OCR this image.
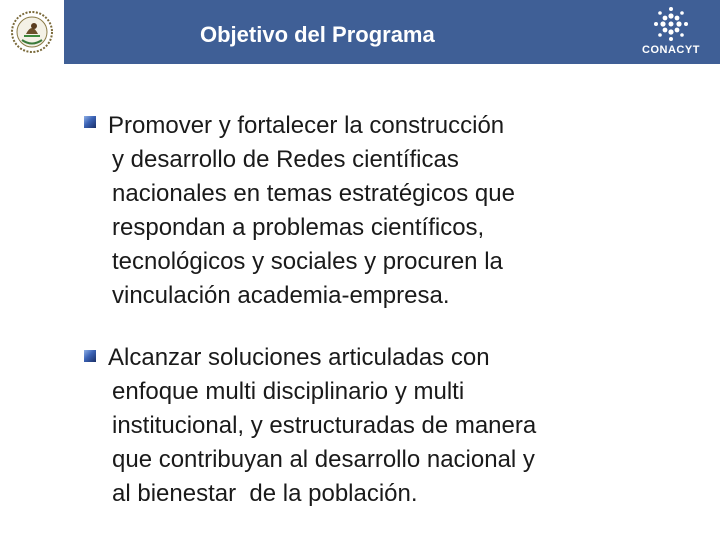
Objetivo del Programa
CONACYT
Promover y fortalecer la construcción
y desarrollo de Redes científicas
nacionales en temas estratégicos que
respondan a problemas científicos,
tecnológicos y sociales y procuren la
vinculación academia-empresa.
Alcanzar soluciones articuladas con
enfoque multi disciplinario y multi
institucional, y estructuradas de manera
que contribuyan al desarrollo nacional y
al bienestar  de la población.
